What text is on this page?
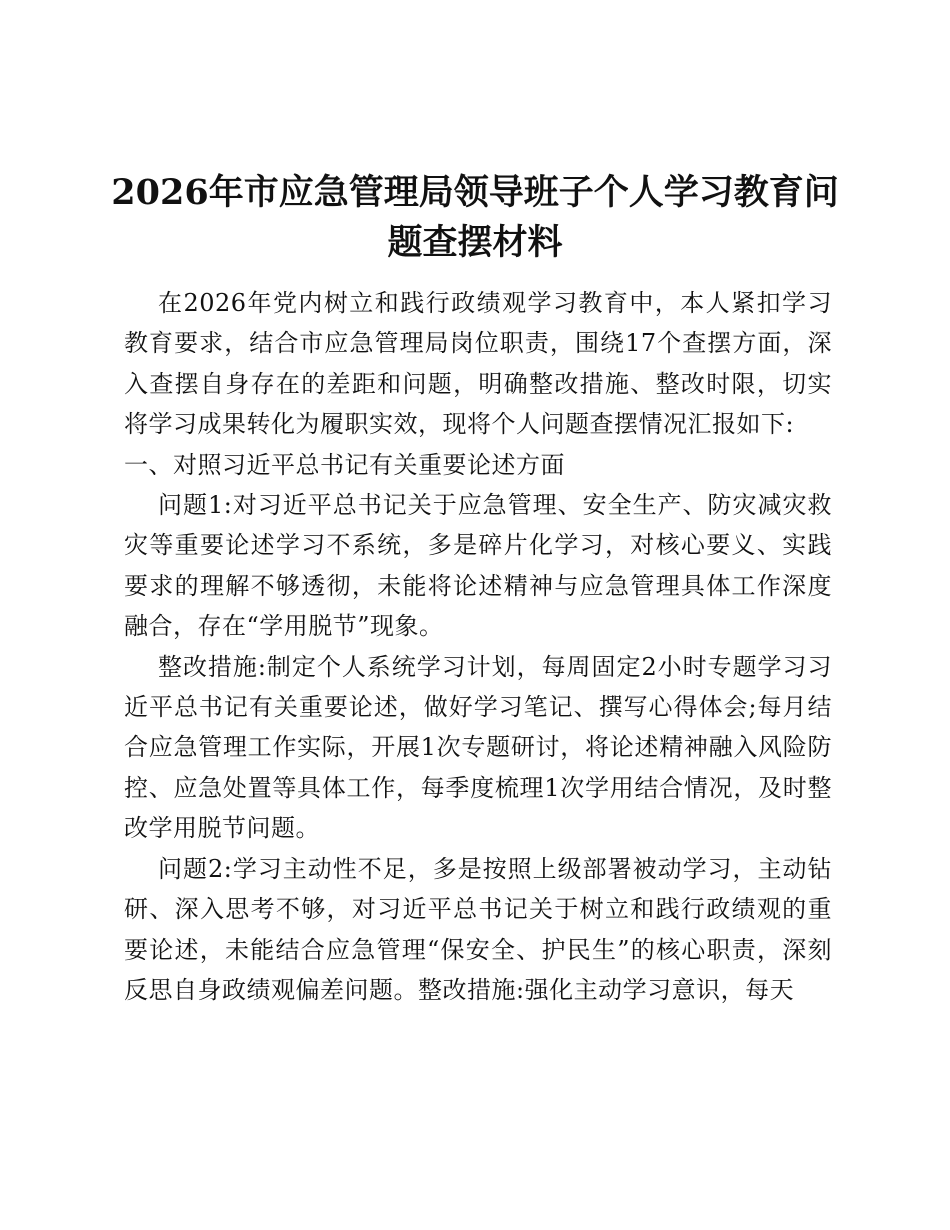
2026年市应急管理局领导班子个人学习教育问题查摆材料

在2026年党内树立和践行政绩观学习教育中，本人紧扣学习教育要求，结合市应急管理局岗位职责，围绕17个查摆方面，深入查摆自身存在的差距和问题，明确整改措施、整改时限，切实将学习成果转化为履职实效，现将个人问题查摆情况汇报如下:

一、对照习近平总书记有关重要论述方面

问题1:对习近平总书记关于应急管理、安全生产、防灾减灾救灾等重要论述学习不系统，多是碎片化学习，对核心要义、实践要求的理解不够透彻，未能将论述精神与应急管理具体工作深度融合，存在“学用脱节”现象。

整改措施:制定个人系统学习计划，每周固定2小时专题学习习近平总书记有关重要论述，做好学习笔记、撰写心得体会;每月结合应急管理工作实际，开展1次专题研讨，将论述精神融入风险防控、应急处置等具体工作，每季度梳理1次学用结合情况，及时整改学用脱节问题。

问题2:学习主动性不足，多是按照上级部署被动学习，主动钻研、深入思考不够，对习近平总书记关于树立和践行政绩观的重要论述，未能结合应急管理“保安全、护民生”的核心职责，深刻反思自身政绩观偏差问题。整改措施:强化主动学习意识，每天
